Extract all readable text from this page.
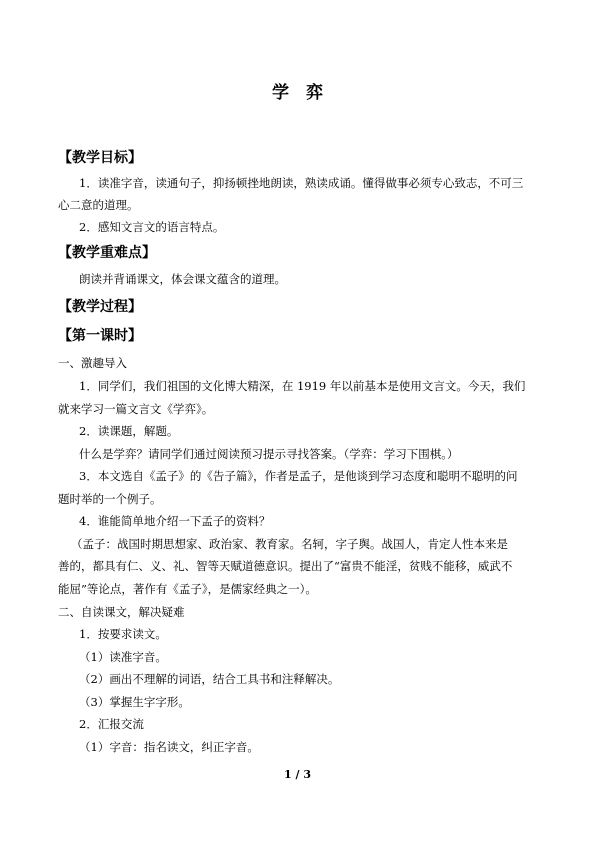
学　弈
【教学目标】
1．读准字音，读通句子，抑扬顿挫地朗读，熟读成诵。懂得做事必须专心致志，不可三
心二意的道理。
2．感知文言文的语言特点。
【教学重难点】
朗读并背诵课文，体会课文蕴含的道理。
【教学过程】
【第一课时】
一、激趣导入
1．同学们，我们祖国的文化博大精深，在 1919 年以前基本是使用文言文。今天，我们
就来学习一篇文言文《学弈》。
2．读课题，解题。
什么是学弈？请同学们通过阅读预习提示寻找答案。（学弈：学习下围棋。）
3．本文选自《孟子》的《告子篇》，作者是孟子，是他谈到学习态度和聪明不聪明的问
题时举的一个例子。
4．谁能简单地介绍一下孟子的资料？
（孟子：战国时期思想家、政治家、教育家。名轲，字子舆。战国人，肯定人性本来是
善的，都具有仁、义、礼、智等天赋道德意识。提出了“富贵不能淫，贫贱不能移，威武不
能屈”等论点，著作有《孟子》，是儒家经典之一）。
二、自读课文，解决疑难
1．按要求读文。
（1）读准字音。
（2）画出不理解的词语，结合工具书和注释解决。
（3）掌握生字字形。
2．汇报交流
（1）字音：指名读文，纠正字音。
1 / 3
